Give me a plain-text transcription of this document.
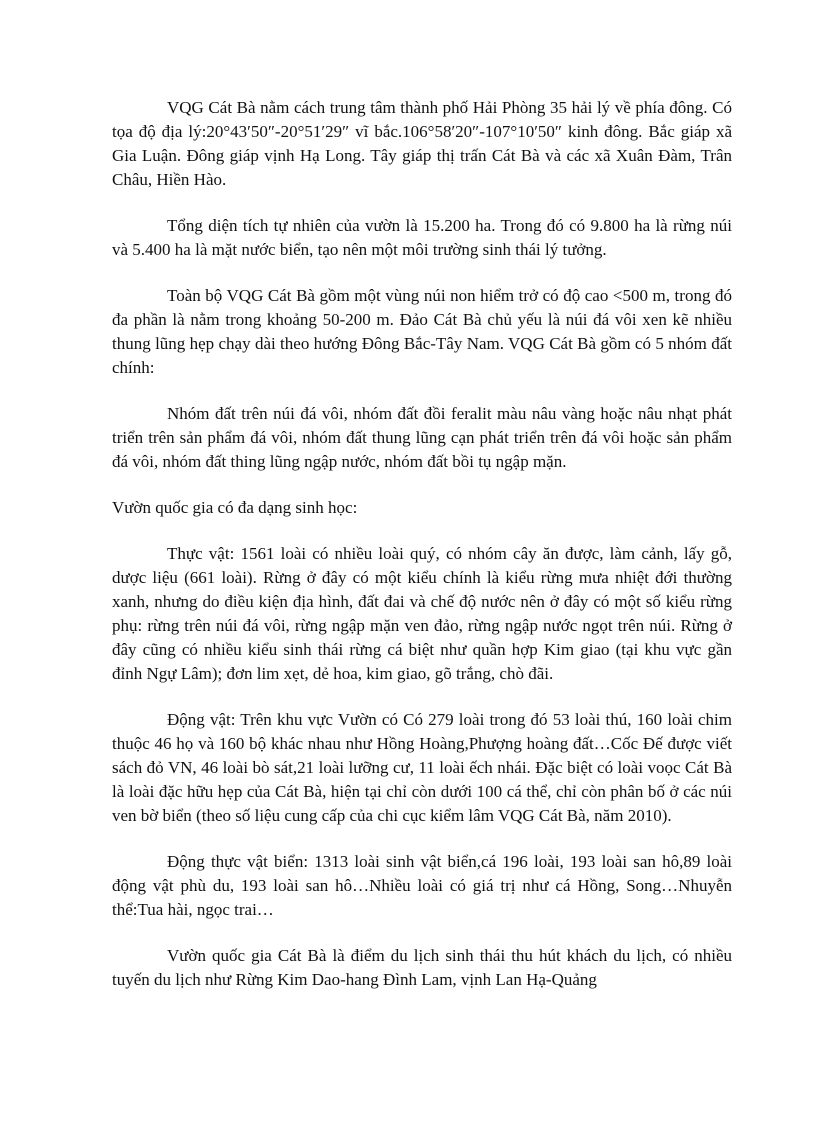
VQG Cát Bà nằm cách trung tâm thành phố Hải Phòng 35 hải lý về phía đông. Có tọa độ địa lý:20°43′50″-20°51′29″ vĩ bắc.106°58′20″-107°10′50″ kinh đông. Bắc giáp xã Gia Luận. Đông giáp vịnh Hạ Long. Tây giáp thị trấn Cát Bà và các xã Xuân Đàm, Trân Châu, Hiền Hào.

Tổng diện tích tự nhiên của vườn là 15.200 ha. Trong đó có 9.800 ha là rừng núi và 5.400 ha là mặt nước biển, tạo nên một môi trường sinh thái lý tưởng.

Toàn bộ VQG Cát Bà gồm một vùng núi non hiểm trở có độ cao <500 m, trong đó đa phần là nằm trong khoảng 50-200 m. Đảo Cát Bà chủ yếu là núi đá vôi xen kẽ nhiều thung lũng hẹp chạy dài theo hướng Đông Bắc-Tây Nam. VQG Cát Bà gồm có 5 nhóm đất chính:

Nhóm đất trên núi đá vôi, nhóm đất đồi feralit màu nâu vàng hoặc nâu nhạt phát triển trên sản phẩm đá vôi, nhóm đất thung lũng cạn phát triển trên đá vôi hoặc sản phẩm đá vôi, nhóm đất thing lũng ngập nước, nhóm đất bồi tụ ngập mặn.

Vườn quốc gia có đa dạng sinh học:

Thực vật: 1561 loài có nhiều loài quý, có nhóm cây ăn được, làm cảnh, lấy gỗ, dược liệu (661 loài). Rừng ở đây có một kiểu chính là kiểu rừng mưa nhiệt đới thường xanh, nhưng do điều kiện địa hình, đất đai và chế độ nước nên ở đây có một số kiểu rừng phụ: rừng trên núi đá vôi, rừng ngập mặn ven đảo, rừng ngập nước ngọt trên núi. Rừng ở đây cũng có nhiều kiểu sinh thái rừng cá biệt như quần hợp Kim giao (tại khu vực gần đỉnh Ngự Lâm); đơn lim xẹt, dẻ hoa, kim giao, gõ trắng, chò đãi.

Động vật: Trên khu vực Vườn có Có 279 loài trong đó 53 loài thú, 160 loài chim thuộc 46 họ và 160 bộ khác nhau như Hồng Hoàng,Phượng hoàng đất…Cốc Đế được viết sách đỏ VN, 46 loài bò sát,21 loài lưỡng cư, 11 loài ếch nhái. Đặc biệt có loài voọc Cát Bà là loài đặc hữu hẹp của Cát Bà, hiện tại chỉ còn dưới 100 cá thể, chỉ còn phân bố ở các núi ven bờ biển (theo số liệu cung cấp của chi cục kiểm lâm VQG Cát Bà, năm 2010).

Động thực vật biển: 1313 loài sinh vật biển,cá 196 loài, 193 loài san hô,89 loài động vật phù du, 193 loài san hô…Nhiều loài có giá trị như cá Hồng, Song…Nhuyễn thể:Tua hài, ngọc trai…

Vườn quốc gia Cát Bà là điểm du lịch sinh thái thu hút khách du lịch, có nhiều tuyến du lịch như Rừng Kim Dao-hang Đình Lam, vịnh Lan Hạ-Quảng
